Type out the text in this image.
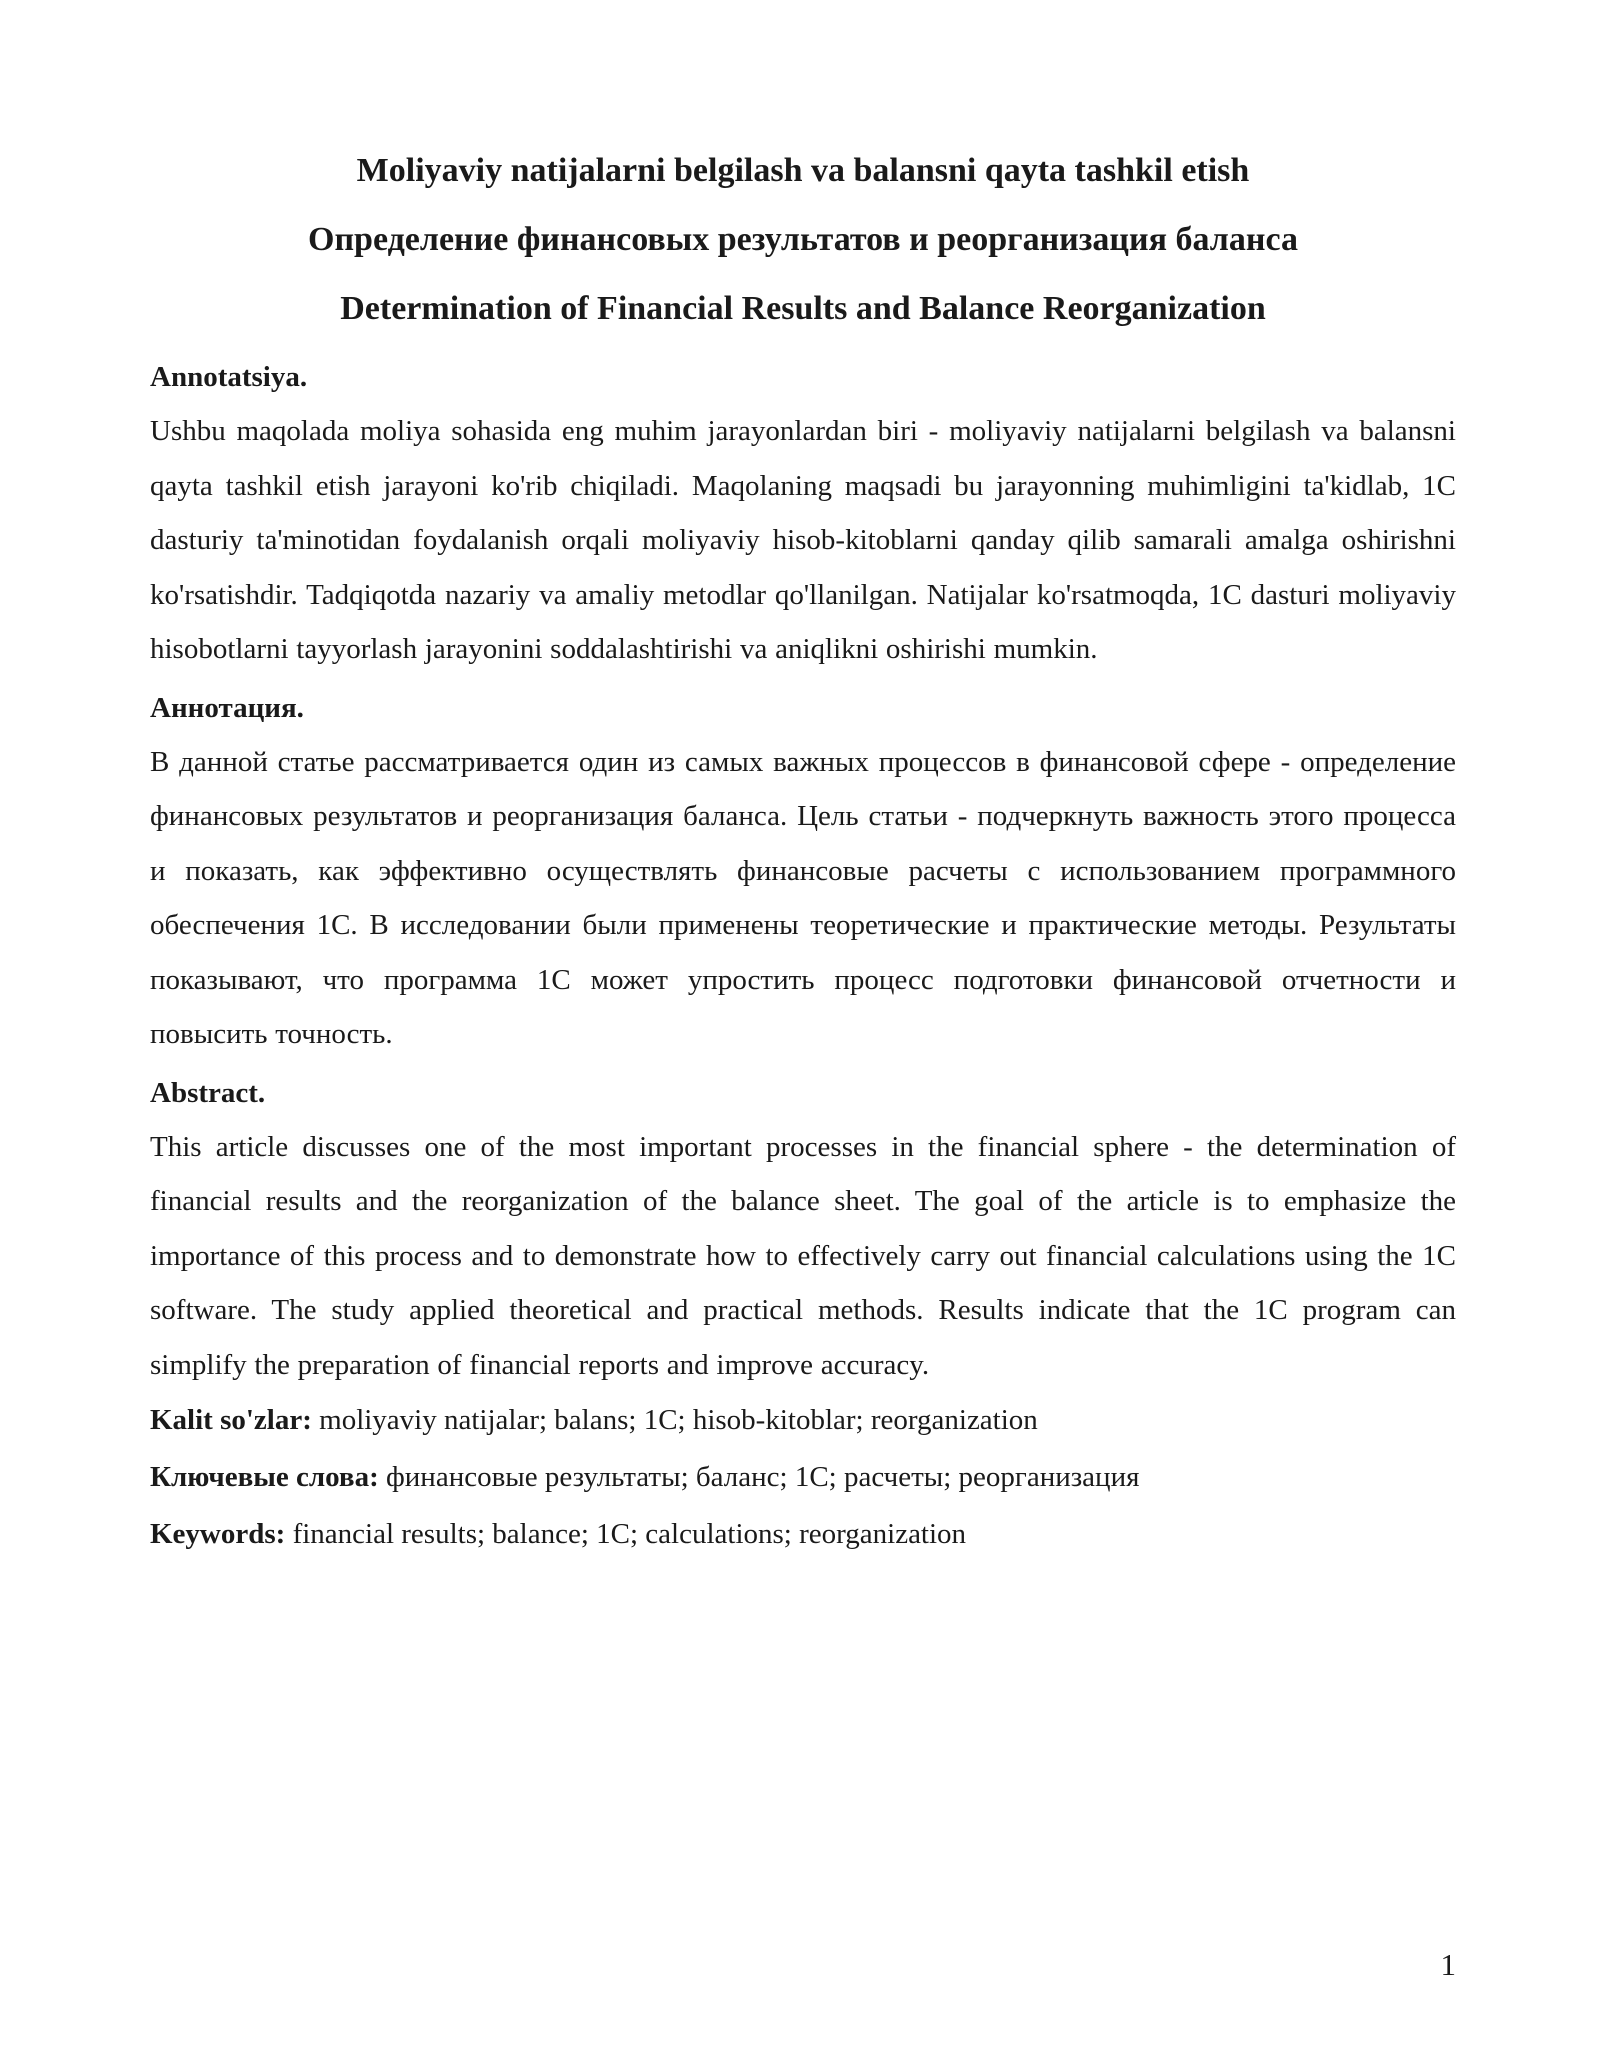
Moliyaviy natijalarni belgilash va balansni qayta tashkil etish
Определение финансовых результатов и реорганизация баланса
Determination of Financial Results and Balance Reorganization

Annotatsiya.

Ushbu maqolada moliya sohasida eng muhim jarayonlardan biri - moliyaviy natijalarni belgilash va balansni qayta tashkil etish jarayoni ko'rib chiqiladi. Maqolaning maqsadi bu jarayonning muhimligini ta'kidlab, 1C dasturiy ta'minotidan foydalanish orqali moliyaviy hisob-kitoblarni qanday qilib samarali amalga oshirishni ko'rsatishdir. Tadqiqotda nazariy va amaliy metodlar qo'llanilgan. Natijalar ko'rsatmoqda, 1C dasturi moliyaviy hisobotlarni tayyorlash jarayonini soddalashtirishi va aniqlikni oshirishi mumkin.

Аннотация.

В данной статье рассматривается один из самых важных процессов в финансовой сфере - определение финансовых результатов и реорганизация баланса. Цель статьи - подчеркнуть важность этого процесса и показать, как эффективно осуществлять финансовые расчеты с использованием программного обеспечения 1С. В исследовании были применены теоретические и практические методы. Результаты показывают, что программа 1С может упростить процесс подготовки финансовой отчетности и повысить точность.

Abstract.

This article discusses one of the most important processes in the financial sphere - the determination of financial results and the reorganization of the balance sheet. The goal of the article is to emphasize the importance of this process and to demonstrate how to effectively carry out financial calculations using the 1C software. The study applied theoretical and practical methods. Results indicate that the 1C program can simplify the preparation of financial reports and improve accuracy.

Kalit so'zlar: moliyaviy natijalar; balans; 1C; hisob-kitoblar; reorganization

Ключевые слова: финансовые результаты; баланс; 1С; расчеты; реорганизация

Keywords: financial results; balance; 1C; calculations; reorganization

1
